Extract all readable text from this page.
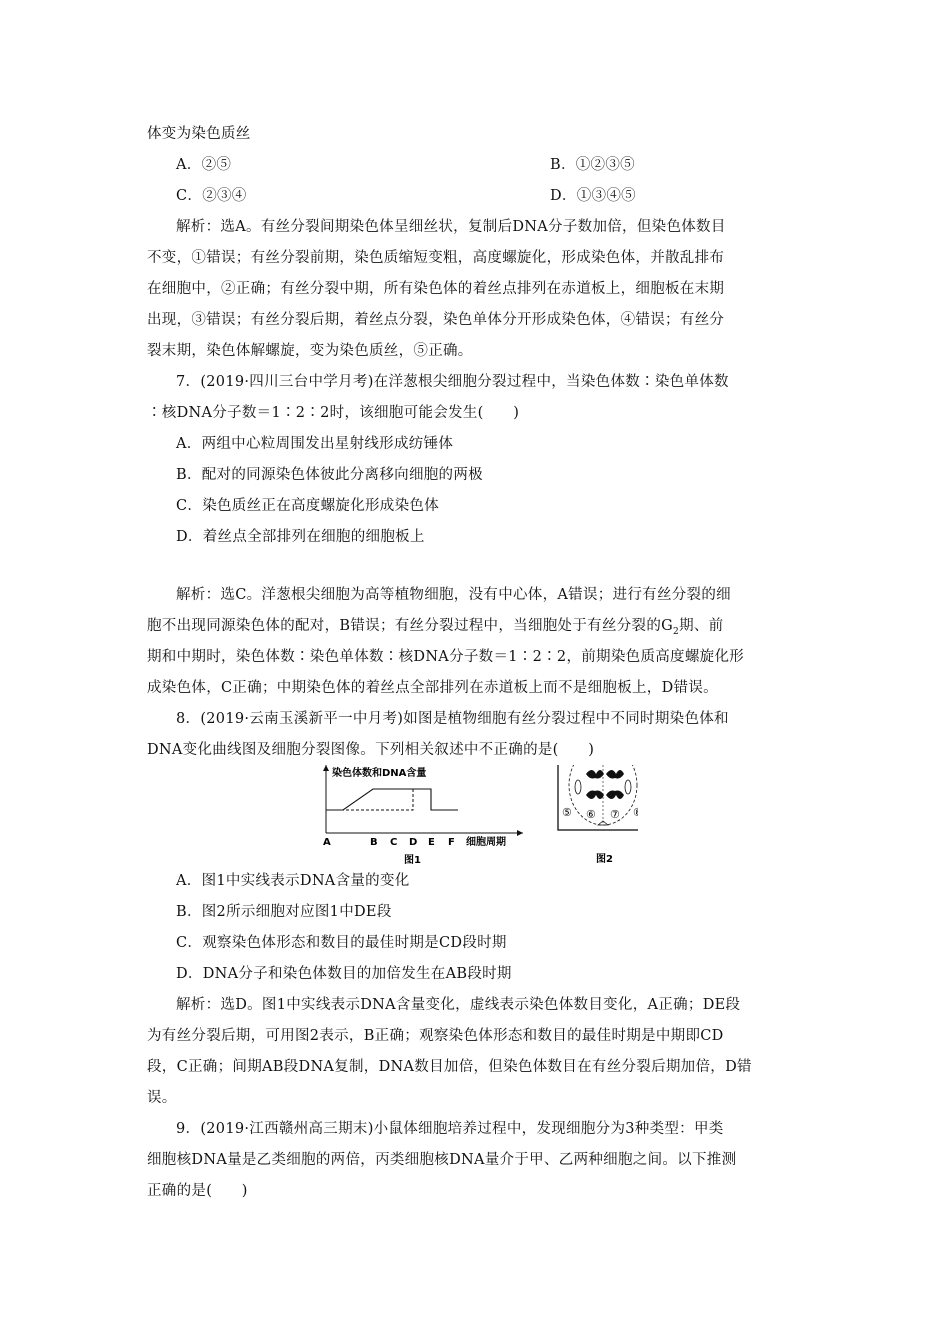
体变为染色质丝
A．②⑤	B．①②③⑤
C．②③④	D．①③④⑤
解析：选A。有丝分裂间期染色体呈细丝状，复制后DNA分子数加倍，但染色体数目
不变，①错误；有丝分裂前期，染色质缩短变粗，高度螺旋化，形成染色体，并散乱排布
在细胞中，②正确；有丝分裂中期，所有染色体的着丝点排列在赤道板上，细胞板在末期
出现，③错误；有丝分裂后期，着丝点分裂，染色单体分开形成染色体，④错误；有丝分
裂末期，染色体解螺旋，变为染色质丝，⑤正确。
7．(2019·四川三台中学月考)在洋葱根尖细胞分裂过程中，当染色体数∶染色单体数
∶核DNA分子数＝1∶2∶2时，该细胞可能会发生(　　)
A．两组中心粒周围发出星射线形成纺锤体
B．配对的同源染色体彼此分离移向细胞的两极
C．染色质丝正在高度螺旋化形成染色体
D．着丝点全部排列在细胞的细胞板上
解析：选C。洋葱根尖细胞为高等植物细胞，没有中心体，A错误；进行有丝分裂的细
胞不出现同源染色体的配对，B错误；有丝分裂过程中，当细胞处于有丝分裂的$G_2$期、前
期和中期时，染色体数∶染色单体数∶核DNA分子数＝1∶2∶2，前期染色质高度螺旋化形
成染色体，C正确；中期染色体的着丝点全部排列在赤道板上而不是细胞板上，D错误。
8．(2019·云南玉溪新平一中月考)如图是植物细胞有丝分裂过程中不同时期染色体和
DNA变化曲线图及细胞分裂图像。下列相关叙述中不正确的是(　　)
染色体数和DNA含量
A	B C D E F 细胞周期
图1
⑤ ⑥ ⑦ ⑧
图2
A．图1中实线表示DNA含量的变化
B．图2所示细胞对应图1中DE段
C．观察染色体形态和数目的最佳时期是CD段时期
D．DNA分子和染色体数目的加倍发生在AB段时期
解析：选D。图1中实线表示DNA含量变化，虚线表示染色体数目变化，A正确；DE段
为有丝分裂后期，可用图2表示，B正确；观察染色体形态和数目的最佳时期是中期即CD
段，C正确；间期AB段DNA复制，DNA数目加倍，但染色体数目在有丝分裂后期加倍，D错
误。
9．(2019·江西赣州高三期末)小鼠体细胞培养过程中，发现细胞分为3种类型：甲类
细胞核DNA量是乙类细胞的两倍，丙类细胞核DNA量介于甲、乙两种细胞之间。以下推测
正确的是(　　)
